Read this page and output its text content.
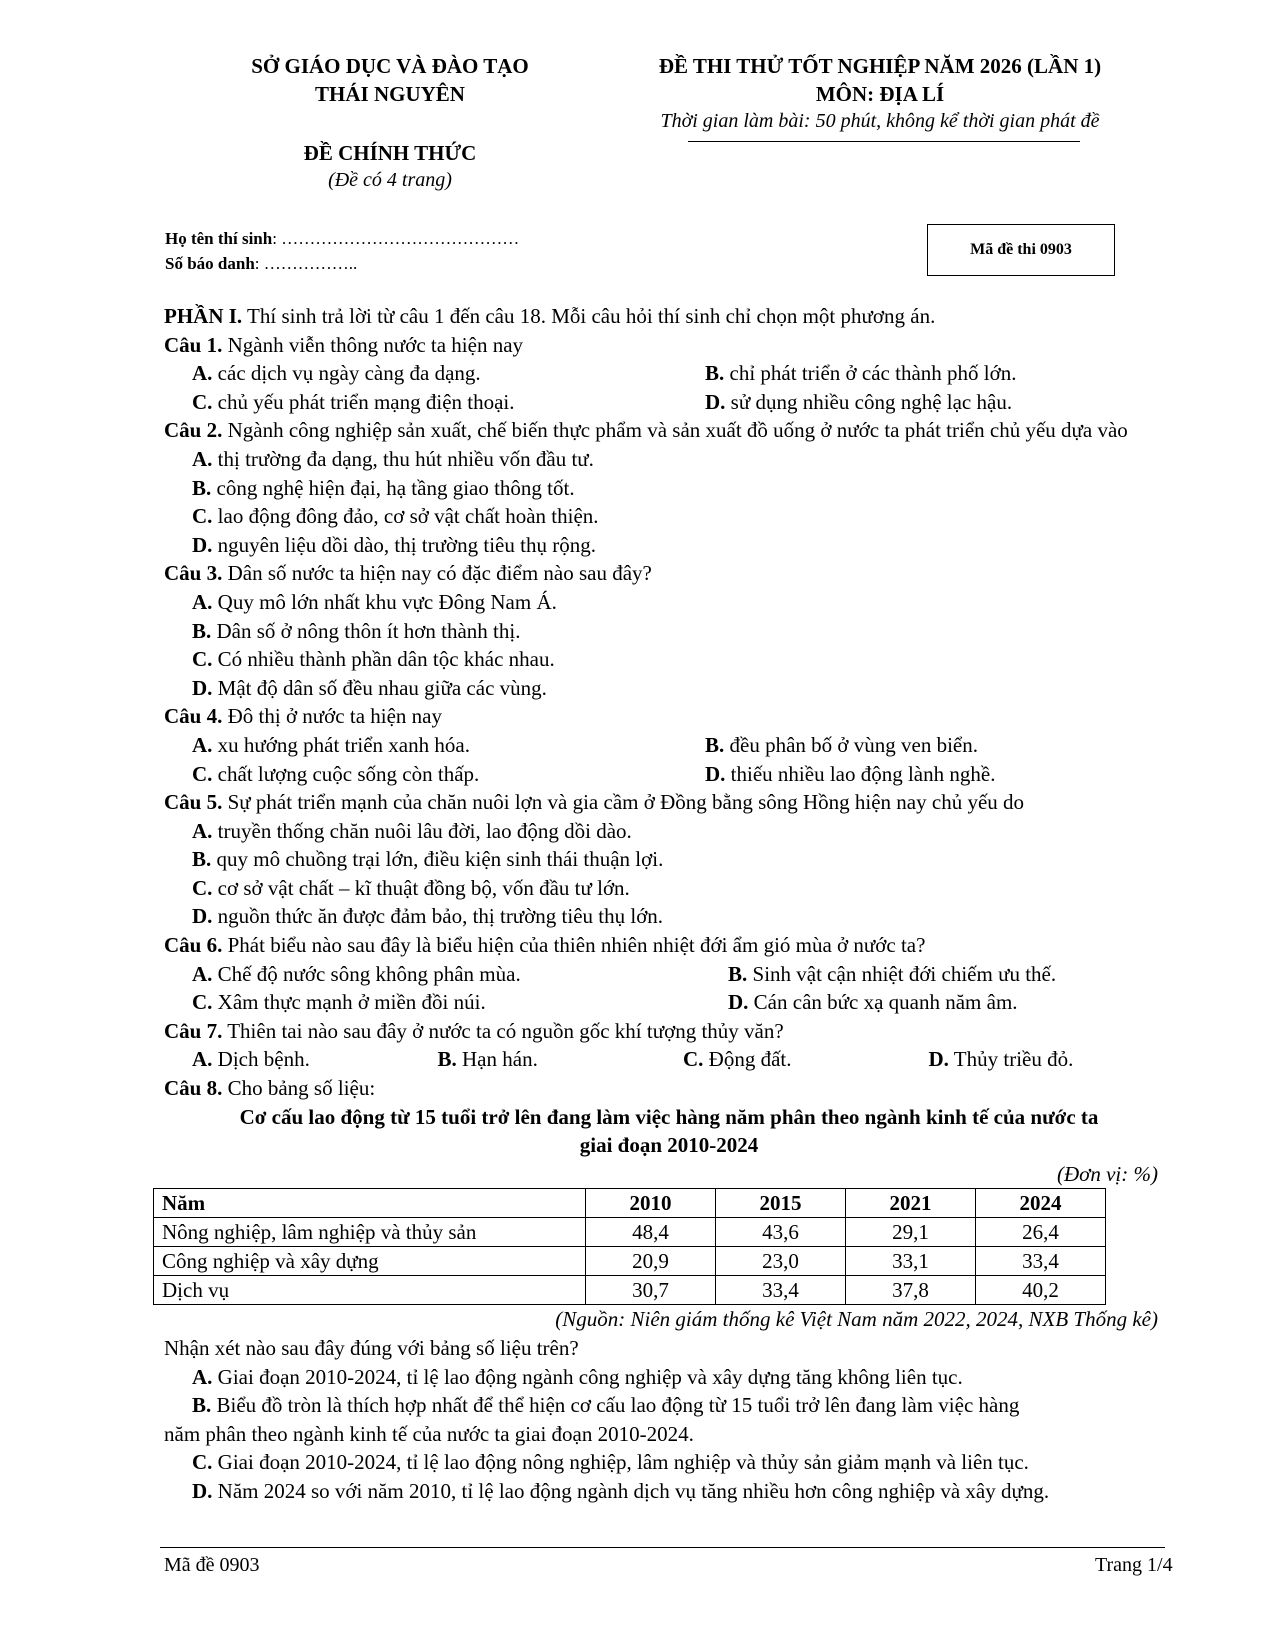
SỞ GIÁO DỤC VÀ ĐÀO TẠO
THÁI NGUYÊN
ĐỀ THI THỬ TỐT NGHIỆP NĂM 2026 (LẦN 1)
MÔN: ĐỊA LÍ
Thời gian làm bài: 50 phút, không kể thời gian phát đề
ĐỀ CHÍNH THỨC
(Đề có 4 trang)
Họ tên thí sinh: ……………………………………
Số báo danh: ……………..
Mã đề thi 0903
PHẦN I. Thí sinh trả lời từ câu 1 đến câu 18. Mỗi câu hỏi thí sinh chỉ chọn một phương án.
Câu 1. Ngành viễn thông nước ta hiện nay
A. các dịch vụ ngày càng đa dạng.	B. chỉ phát triển ở các thành phố lớn.
C. chủ yếu phát triển mạng điện thoại.	D. sử dụng nhiều công nghệ lạc hậu.
Câu 2. Ngành công nghiệp sản xuất, chế biến thực phẩm và sản xuất đồ uống ở nước ta phát triển chủ yếu dựa vào
A. thị trường đa dạng, thu hút nhiều vốn đầu tư.
B. công nghệ hiện đại, hạ tầng giao thông tốt.
C. lao động đông đảo, cơ sở vật chất hoàn thiện.
D. nguyên liệu dồi dào, thị trường tiêu thụ rộng.
Câu 3. Dân số nước ta hiện nay có đặc điểm nào sau đây?
A. Quy mô lớn nhất khu vực Đông Nam Á.
B. Dân số ở nông thôn ít hơn thành thị.
C. Có nhiều thành phần dân tộc khác nhau.
D. Mật độ dân số đều nhau giữa các vùng.
Câu 4. Đô thị ở nước ta hiện nay
A. xu hướng phát triển xanh hóa.	B. đều phân bố ở vùng ven biển.
C. chất lượng cuộc sống còn thấp.	D. thiếu nhiều lao động lành nghề.
Câu 5. Sự phát triển mạnh của chăn nuôi lợn và gia cầm ở Đồng bằng sông Hồng hiện nay chủ yếu do
A. truyền thống chăn nuôi lâu đời, lao động dồi dào.
B. quy mô chuồng trại lớn, điều kiện sinh thái thuận lợi.
C. cơ sở vật chất – kĩ thuật đồng bộ, vốn đầu tư lớn.
D. nguồn thức ăn được đảm bảo, thị trường tiêu thụ lớn.
Câu 6. Phát biểu nào sau đây là biểu hiện của thiên nhiên nhiệt đới ẩm gió mùa ở nước ta?
A. Chế độ nước sông không phân mùa.	B. Sinh vật cận nhiệt đới chiếm ưu thế.
C. Xâm thực mạnh ở miền đồi núi.	D. Cán cân bức xạ quanh năm âm.
Câu 7. Thiên tai nào sau đây ở nước ta có nguồn gốc khí tượng thủy văn?
A. Dịch bệnh.	B. Hạn hán.	C. Động đất.	D. Thủy triều đỏ.
Câu 8. Cho bảng số liệu:
Cơ cấu lao động từ 15 tuổi trở lên đang làm việc hàng năm phân theo ngành kinh tế của nước ta
giai đoạn 2010-2024
(Đơn vị: %)
Năm	2010	2015	2021	2024
Nông nghiệp, lâm nghiệp và thủy sản	48,4	43,6	29,1	26,4
Công nghiệp và xây dựng	20,9	23,0	33,1	33,4
Dịch vụ	30,7	33,4	37,8	40,2
(Nguồn: Niên giám thống kê Việt Nam năm 2022, 2024, NXB Thống kê)
Nhận xét nào sau đây đúng với bảng số liệu trên?
A. Giai đoạn 2010-2024, tỉ lệ lao động ngành công nghiệp và xây dựng tăng không liên tục.
B. Biểu đồ tròn là thích hợp nhất để thể hiện cơ cấu lao động từ 15 tuổi trở lên đang làm việc hàng
năm phân theo ngành kinh tế của nước ta giai đoạn 2010-2024.
C. Giai đoạn 2010-2024, tỉ lệ lao động nông nghiệp, lâm nghiệp và thủy sản giảm mạnh và liên tục.
D. Năm 2024 so với năm 2010, tỉ lệ lao động ngành dịch vụ tăng nhiều hơn công nghiệp và xây dựng.
Mã đề 0903	Trang 1/4
